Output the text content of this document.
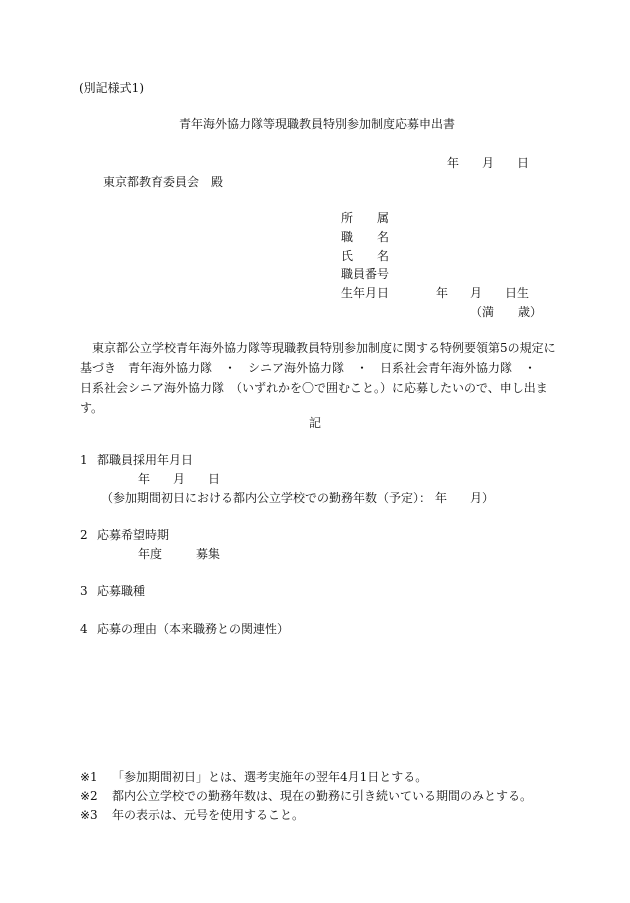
(別記様式1)
青年海外協力隊等現職教員特別参加制度応募申出書
年 月 日
東京都教育委員会　殿
所　　属
職　　名
氏　　名
職員番号
生年月日	年 月 日生
（満　　歳）
東京都公立学校青年海外協力隊等現職教員特別参加制度に関する特例要領第5の規定に基づき　青年海外協力隊　・　シニア海外協力隊　・　日系社会青年海外協力隊　・　日系社会シニア海外協力隊　（いずれかを〇で囲むこと。）に応募したいので、申し出ます。
記
1 都職員採用年月日
年 月 日
（参加期間初日における都内公立学校での勤務年数（予定）： 年 月）
2 応募希望時期
年度	募集
3 応募職種
4 応募の理由（本来職務との関連性）
※1 「参加期間初日」とは、選考実施年の翌年4月1日とする。
※2 都内公立学校での勤務年数は、現在の勤務に引き続いている期間のみとする。
※3 年の表示は、元号を使用すること。
